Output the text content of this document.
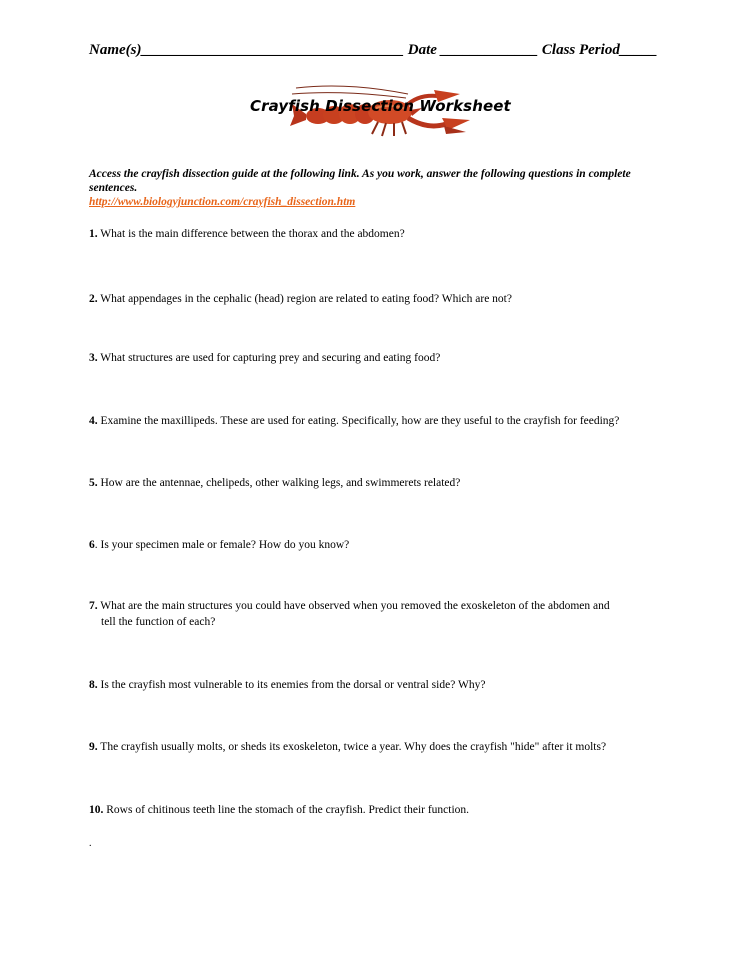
Name(s)___________________________________ Date _____________ Class Period_____
Crayfish Dissection Worksheet
Access the crayfish dissection guide at the following link. As you work, answer the following questions in complete sentences.
http://www.biologyjunction.com/crayfish_dissection.htm
1. What is the main difference between the thorax and the abdomen?
2. What appendages in the cephalic (head) region are related to eating food? Which are not?
3. What structures are used for capturing prey and securing and eating food?
4. Examine the maxillipeds. These are used for eating. Specifically, how are they useful to the crayfish for feeding?
5. How are the antennae, chelipeds, other walking legs, and swimmerets related?
6. Is your specimen male or female? How do you know?
7. What are the main structures you could have observed when you removed the exoskeleton of the abdomen and
tell the function of each?
8. Is the crayfish most vulnerable to its enemies from the dorsal or ventral side? Why?
9. The crayfish usually molts, or sheds its exoskeleton, twice a year. Why does the crayfish "hide" after it molts?
10. Rows of chitinous teeth line the stomach of the crayfish. Predict their function.
.
